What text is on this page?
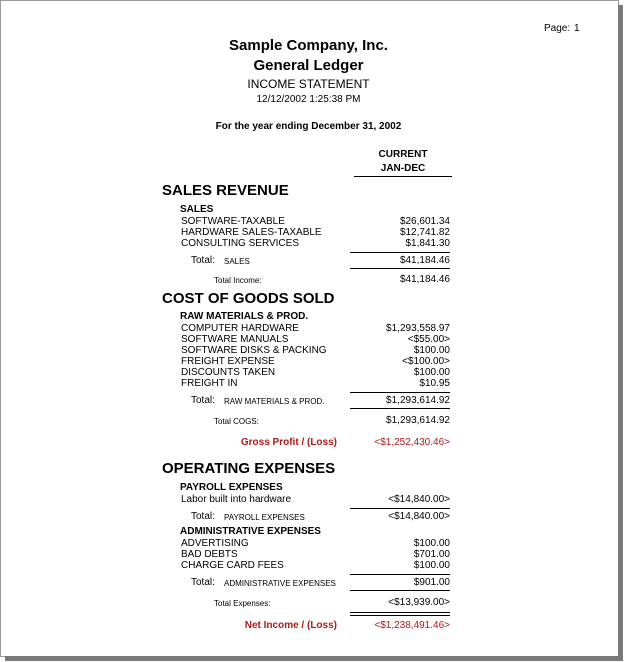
Page: 1
Sample Company, Inc.
General Ledger
INCOME STATEMENT
12/12/2002 1:25:38 PM
For the year ending December 31, 2002
CURRENT
JAN-DEC
SALES REVENUE
SALES
SOFTWARE-TAXABLE	$26,601.34
HARDWARE SALES-TAXABLE	$12,741.82
CONSULTING SERVICES	$1,841.30
Total: SALES	$41,184.46
Total Income:	$41,184.46
COST OF GOODS SOLD
RAW MATERIALS & PROD.
COMPUTER HARDWARE	$1,293,558.97
SOFTWARE MANUALS	<$55.00>
SOFTWARE DISKS & PACKING	$100.00
FREIGHT EXPENSE	<$100.00>
DISCOUNTS TAKEN	$100.00
FREIGHT IN	$10.95
Total: RAW MATERIALS & PROD.	$1,293,614.92
Total COGS:	$1,293,614.92
Gross Profit / (Loss)	<$1,252,430.46>
OPERATING EXPENSES
PAYROLL EXPENSES
Labor built into hardware	<$14,840.00>
Total: PAYROLL EXPENSES	<$14,840.00>
ADMINISTRATIVE EXPENSES
ADVERTISING	$100.00
BAD DEBTS	$701.00
CHARGE CARD FEES	$100.00
Total: ADMINISTRATIVE EXPENSES	$901.00
Total Expenses:	<$13,939.00>
Net Income / (Loss)	<$1,238,491.46>
